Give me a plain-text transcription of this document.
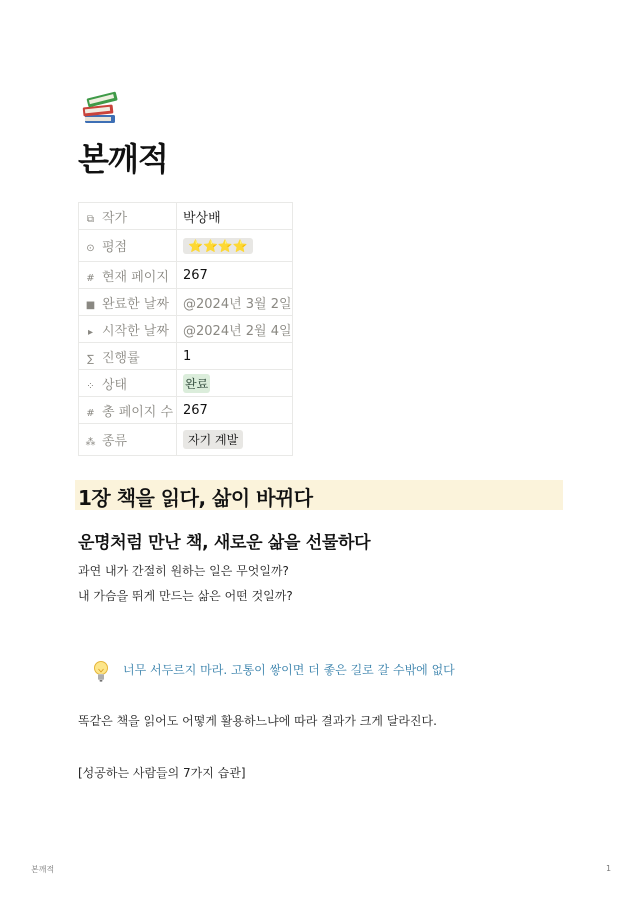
본깨적
⧉ 작가	박상배
⊙ 평점	⭐⭐⭐⭐
# 현재 페이지	267
■ 완료한 날짜	@2024년 3월 2일
▸ 시작한 날짜	@2024년 2월 4일
∑ 진행률	1
⁘ 상태	완료
# 총 페이지 수	267
⁂ 종류	자기 계발
1장 책을 읽다, 삶이 바뀌다
운명처럼 만난 책, 새로운 삶을 선물하다
과연 내가 간절히 원하는 일은 무엇일까?
내 가슴을 뛰게 만드는 삶은 어떤 것일까?
너무 서두르지 마라. 고통이 쌓이면 더 좋은 길로 갈 수밖에 없다
똑같은 책을 읽어도 어떻게 활용하느냐에 따라 결과가 크게 달라진다.
[성공하는 사람들의 7가지 습관]
본깨적	1
